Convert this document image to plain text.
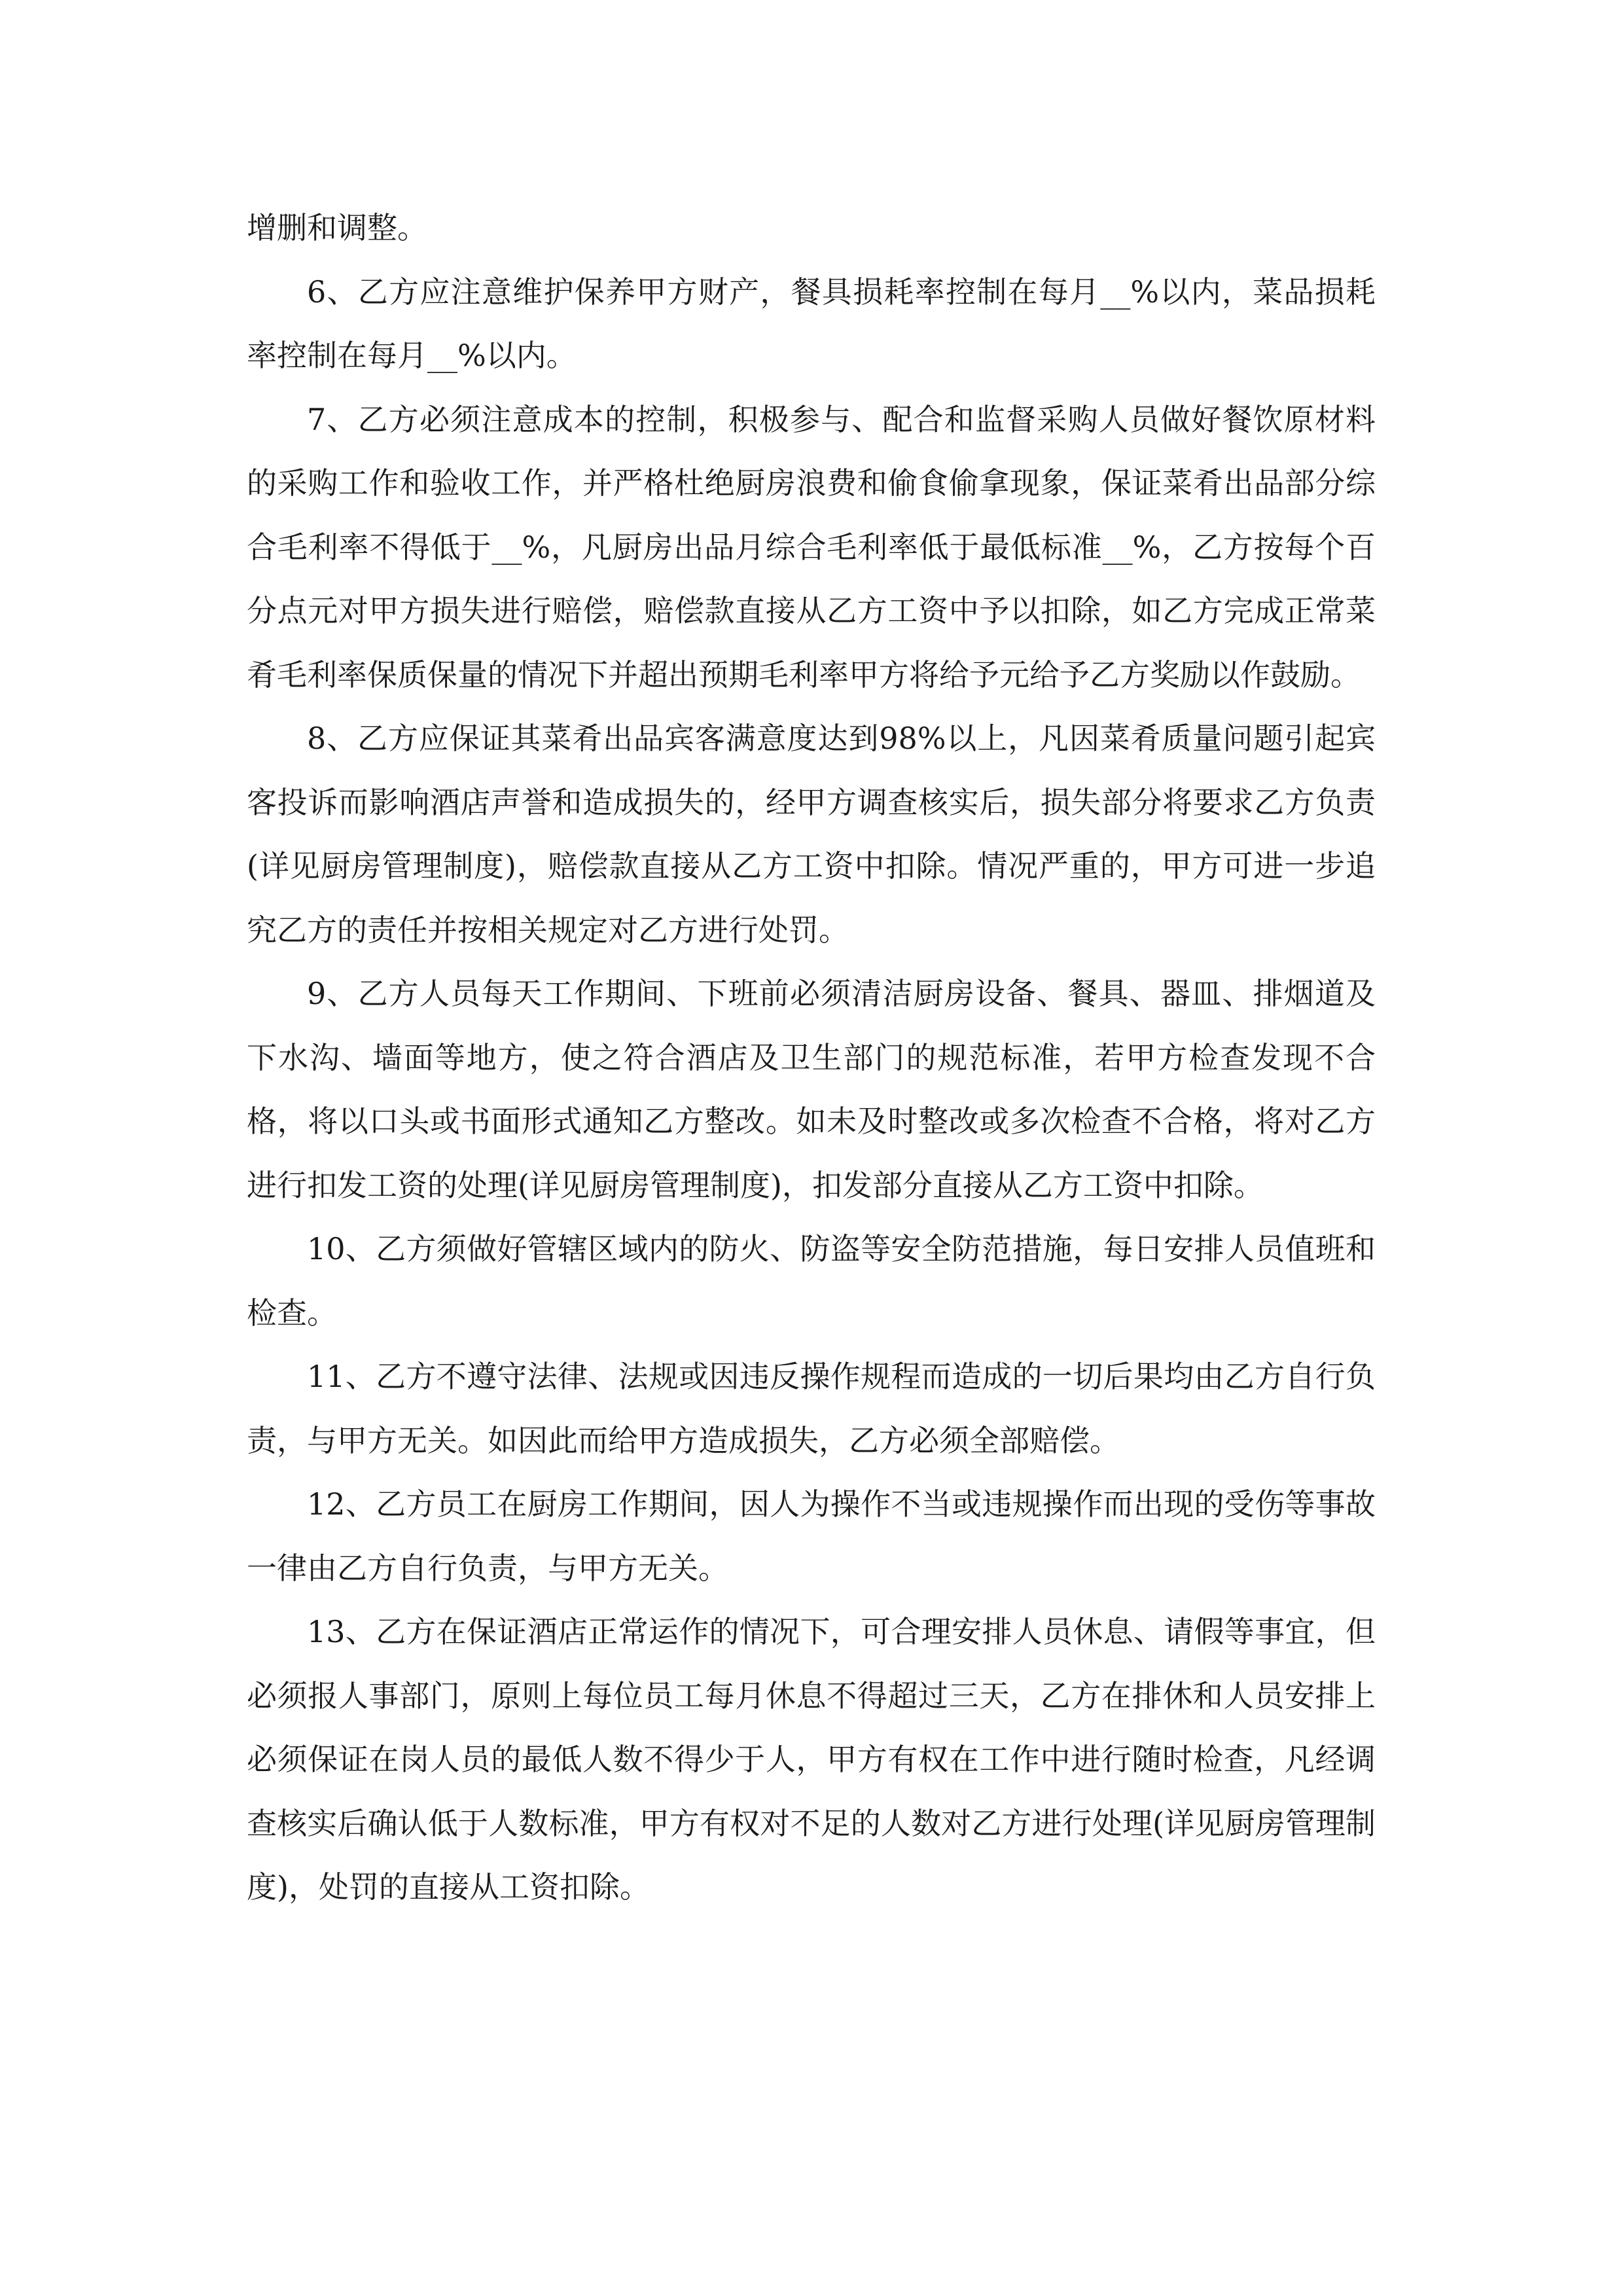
增删和调整。

6、乙方应注意维护保养甲方财产，餐具损耗率控制在每月__%以内，菜品损耗率控制在每月__%以内。

7、乙方必须注意成本的控制，积极参与、配合和监督采购人员做好餐饮原材料的采购工作和验收工作，并严格杜绝厨房浪费和偷食偷拿现象，保证菜肴出品部分综合毛利率不得低于__%，凡厨房出品月综合毛利率低于最低标准__%，乙方按每个百分点元对甲方损失进行赔偿，赔偿款直接从乙方工资中予以扣除，如乙方完成正常菜肴毛利率保质保量的情况下并超出预期毛利率甲方将给予元给予乙方奖励以作鼓励。

8、乙方应保证其菜肴出品宾客满意度达到98%以上，凡因菜肴质量问题引起宾客投诉而影响酒店声誉和造成损失的，经甲方调查核实后，损失部分将要求乙方负责(详见厨房管理制度)，赔偿款直接从乙方工资中扣除。情况严重的，甲方可进一步追究乙方的责任并按相关规定对乙方进行处罚。

9、乙方人员每天工作期间、下班前必须清洁厨房设备、餐具、器皿、排烟道及下水沟、墙面等地方，使之符合酒店及卫生部门的规范标准，若甲方检查发现不合格，将以口头或书面形式通知乙方整改。如未及时整改或多次检查不合格，将对乙方进行扣发工资的处理(详见厨房管理制度)，扣发部分直接从乙方工资中扣除。

10、乙方须做好管辖区域内的防火、防盗等安全防范措施，每日安排人员值班和检查。

11、乙方不遵守法律、法规或因违反操作规程而造成的一切后果均由乙方自行负责，与甲方无关。如因此而给甲方造成损失，乙方必须全部赔偿。

12、乙方员工在厨房工作期间，因人为操作不当或违规操作而出现的受伤等事故一律由乙方自行负责，与甲方无关。

13、乙方在保证酒店正常运作的情况下，可合理安排人员休息、请假等事宜，但必须报人事部门，原则上每位员工每月休息不得超过三天，乙方在排休和人员安排上必须保证在岗人员的最低人数不得少于人，甲方有权在工作中进行随时检查，凡经调查核实后确认低于人数标准，甲方有权对不足的人数对乙方进行处理(详见厨房管理制度)，处罚的直接从工资扣除。
